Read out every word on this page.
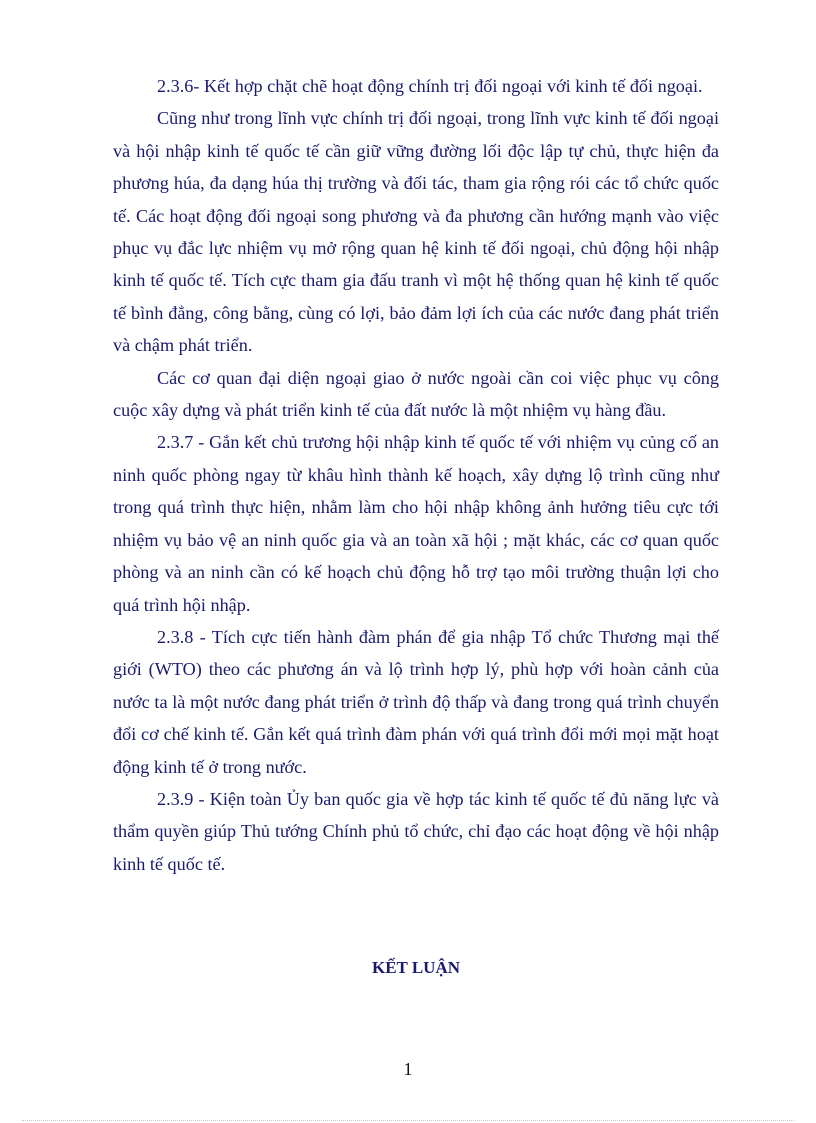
2.3.6- Kết hợp chặt chẽ hoạt động chính trị đối ngoại với kinh tế đối ngoại.

Cũng như trong lĩnh vực chính trị đối ngoại, trong lĩnh vực kinh tế đối ngoại và hội nhập kinh tế quốc tế cần giữ vững đường lối độc lập tự chủ, thực hiện đa phương húa, đa dạng húa thị trường và đối tác, tham gia rộng rói các tổ chức quốc tế. Các hoạt động đối ngoại song phương và đa phương cần hướng mạnh vào việc phục vụ đắc lực nhiệm vụ mở rộng quan hệ kinh tế đối ngoại, chủ động hội nhập kinh tế quốc tế. Tích cực tham gia đấu tranh vì một hệ thống quan hệ kinh tế quốc tế bình đẳng, công bằng, cùng có lợi, bảo đảm lợi ích của các nước đang phát triển và chậm phát triển.

Các cơ quan đại diện ngoại giao ở nước ngoài cần coi việc phục vụ công cuộc xây dựng và phát triển kinh tế của đất nước là một nhiệm vụ hàng đầu.

2.3.7 - Gắn kết chủ trương hội nhập kinh tế quốc tế với nhiệm vụ củng cố an ninh quốc phòng ngay từ khâu hình thành kế hoạch, xây dựng lộ trình cũng như trong quá trình thực hiện, nhằm làm cho hội nhập không ảnh hưởng tiêu cực tới nhiệm vụ bảo vệ an ninh quốc gia và an toàn xã hội ; mặt khác, các cơ quan quốc phòng và an ninh cần có kế hoạch chủ động hỗ trợ tạo môi trường thuận lợi cho quá trình hội nhập.

2.3.8 - Tích cực tiến hành đàm phán để gia nhập Tổ chức Thương mại thế giới (WTO) theo các phương án và lộ trình hợp lý, phù hợp với hoàn cảnh của nước ta là một nước đang phát triển ở trình độ thấp và đang trong quá trình chuyển đổi cơ chế kinh tế. Gắn kết quá trình đàm phán với quá trình đổi mới mọi mặt hoạt động kinh tế ở trong nước.

2.3.9 - Kiện toàn Ủy ban quốc gia về hợp tác kinh tế quốc tế đủ năng lực và thẩm quyền giúp Thủ tướng Chính phủ tổ chức, chỉ đạo các hoạt động về hội nhập kinh tế quốc tế.

KẾT LUẬN
1
